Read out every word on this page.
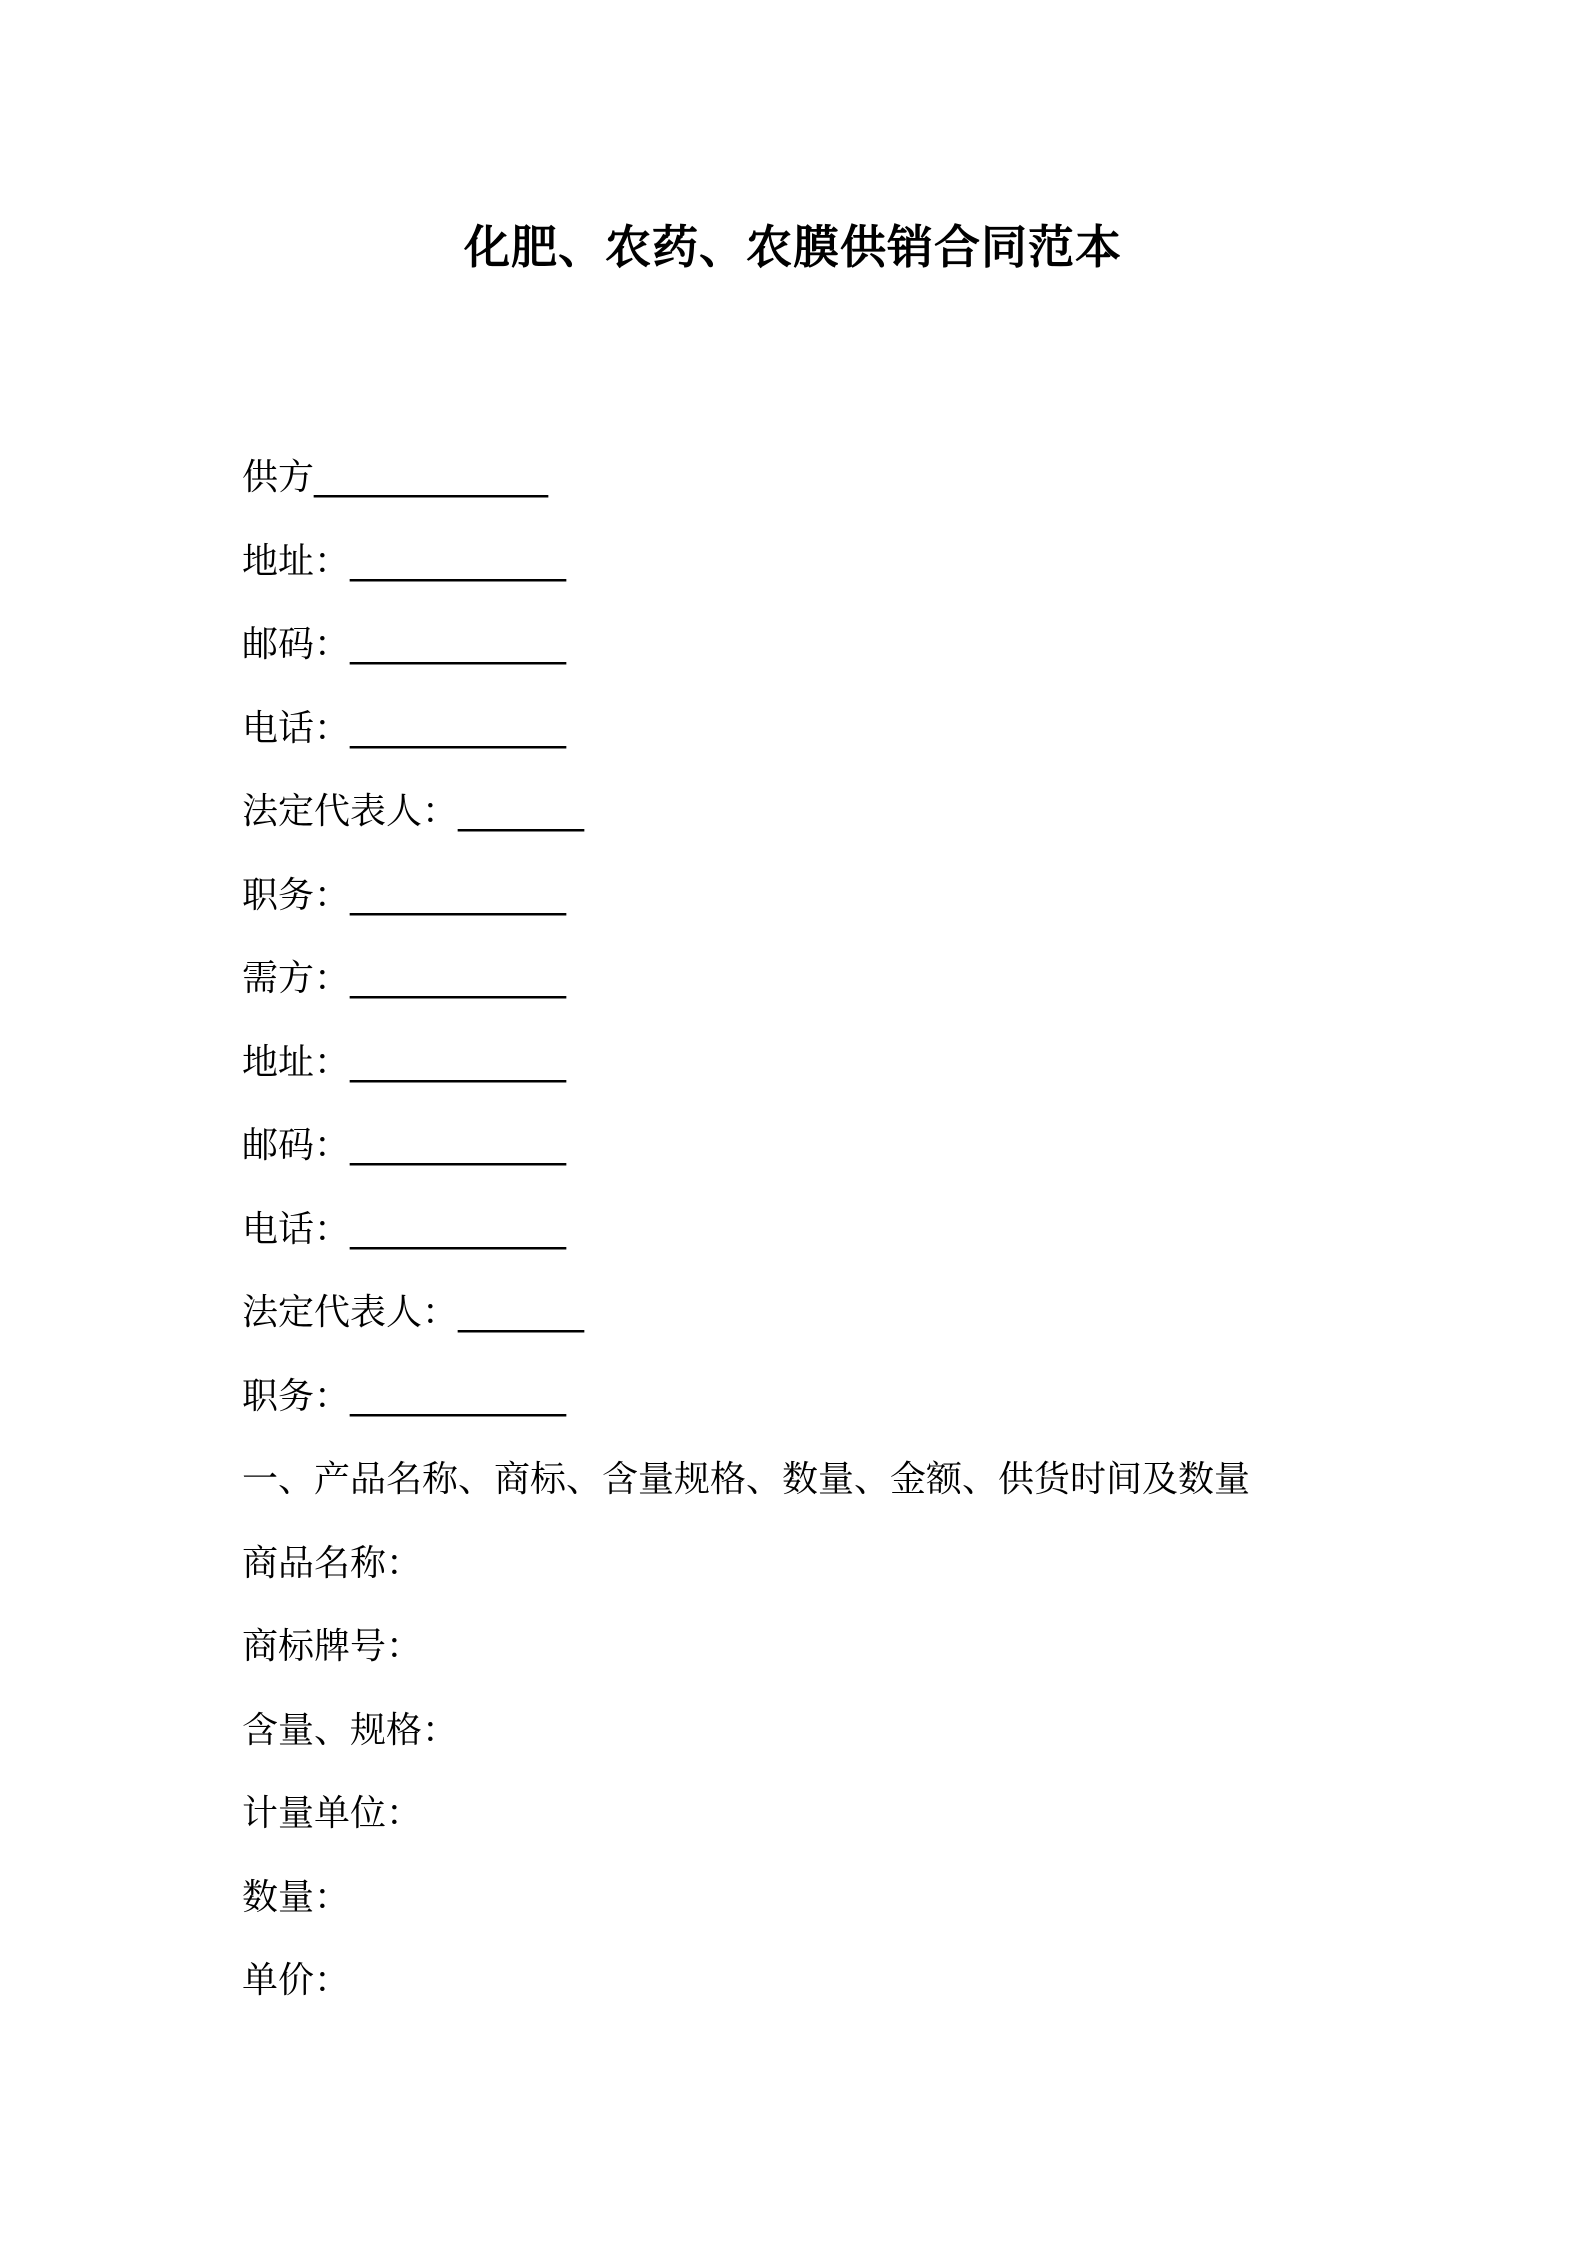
化肥、农药、农膜供销合同范本
供方_____________
地址：____________
邮码：____________
电话：____________
法定代表人：_______
职务：____________
需方：____________
地址：____________
邮码：____________
电话：____________
法定代表人：_______
职务：____________
一、产品名称、商标、含量规格、数量、金额、供货时间及数量
商品名称：
商标牌号：
含量、规格：
计量单位：
数量：
单价：
